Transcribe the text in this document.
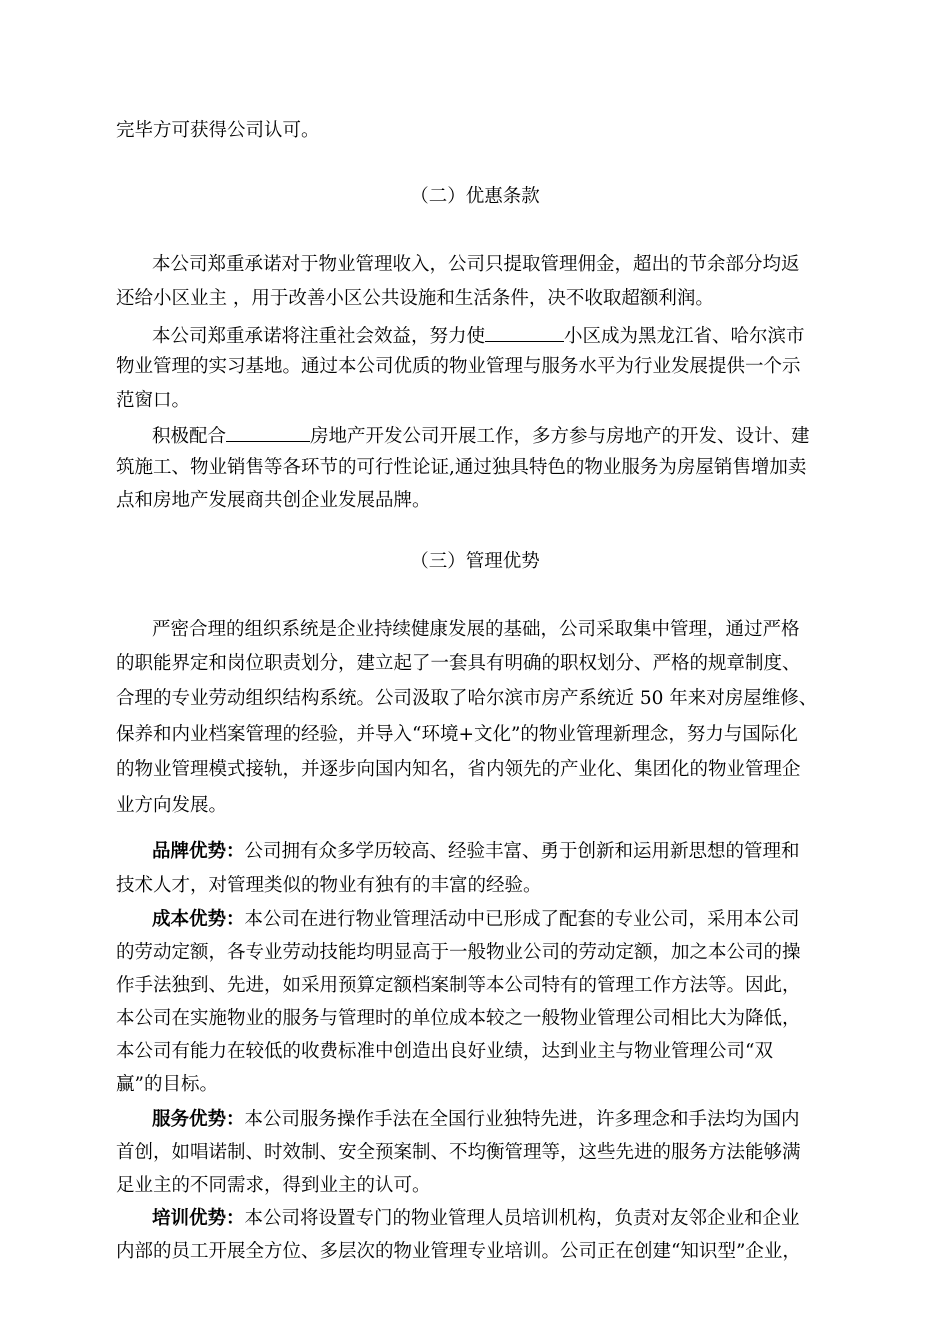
完毕方可获得公司认可。
（二）优惠条款
本公司郑重承诺对于物业管理收入，公司只提取管理佣金，超出的节余部分均返
还给小区业主 ，用于改善小区公共设施和生活条件，决不收取超额利润。
本公司郑重承诺将注重社会效益，努力使	小区成为黑龙江省、哈尔滨市
物业管理的实习基地。通过本公司优质的物业管理与服务水平为行业发展提供一个示
范窗口。
积极配合	房地产开发公司开展工作，多方参与房地产的开发、设计、建
筑施工、物业销售等各环节的可行性论证,通过独具特色的物业服务为房屋销售增加卖
点和房地产发展商共创企业发展品牌。
（三）管理优势
严密合理的组织系统是企业持续健康发展的基础，公司采取集中管理，通过严格
的职能界定和岗位职责划分，建立起了一套具有明确的职权划分、严格的规章制度、
合理的专业劳动组织结构系统。公司汲取了哈尔滨市房产系统近 50 年来对房屋维修、
保养和内业档案管理的经验，并导入“环境+文化”的物业管理新理念，努力与国际化
的物业管理模式接轨，并逐步向国内知名，省内领先的产业化、集团化的物业管理企
业方向发展。
品牌优势：公司拥有众多学历较高、经验丰富、勇于创新和运用新思想的管理和
技术人才，对管理类似的物业有独有的丰富的经验。
成本优势：本公司在进行物业管理活动中已形成了配套的专业公司，采用本公司
的劳动定额，各专业劳动技能均明显高于一般物业公司的劳动定额，加之本公司的操
作手法独到、先进，如采用预算定额档案制等本公司特有的管理工作方法等。因此，
本公司在实施物业的服务与管理时的单位成本较之一般物业管理公司相比大为降低，
本公司有能力在较低的收费标准中创造出良好业绩，达到业主与物业管理公司“双
赢”的目标。
服务优势：本公司服务操作手法在全国行业独特先进，许多理念和手法均为国内
首创，如唱诺制、时效制、安全预案制、不均衡管理等，这些先进的服务方法能够满
足业主的不同需求，得到业主的认可。
培训优势：本公司将设置专门的物业管理人员培训机构，负责对友邻企业和企业
内部的员工开展全方位、多层次的物业管理专业培训。公司正在创建“知识型”企业，
